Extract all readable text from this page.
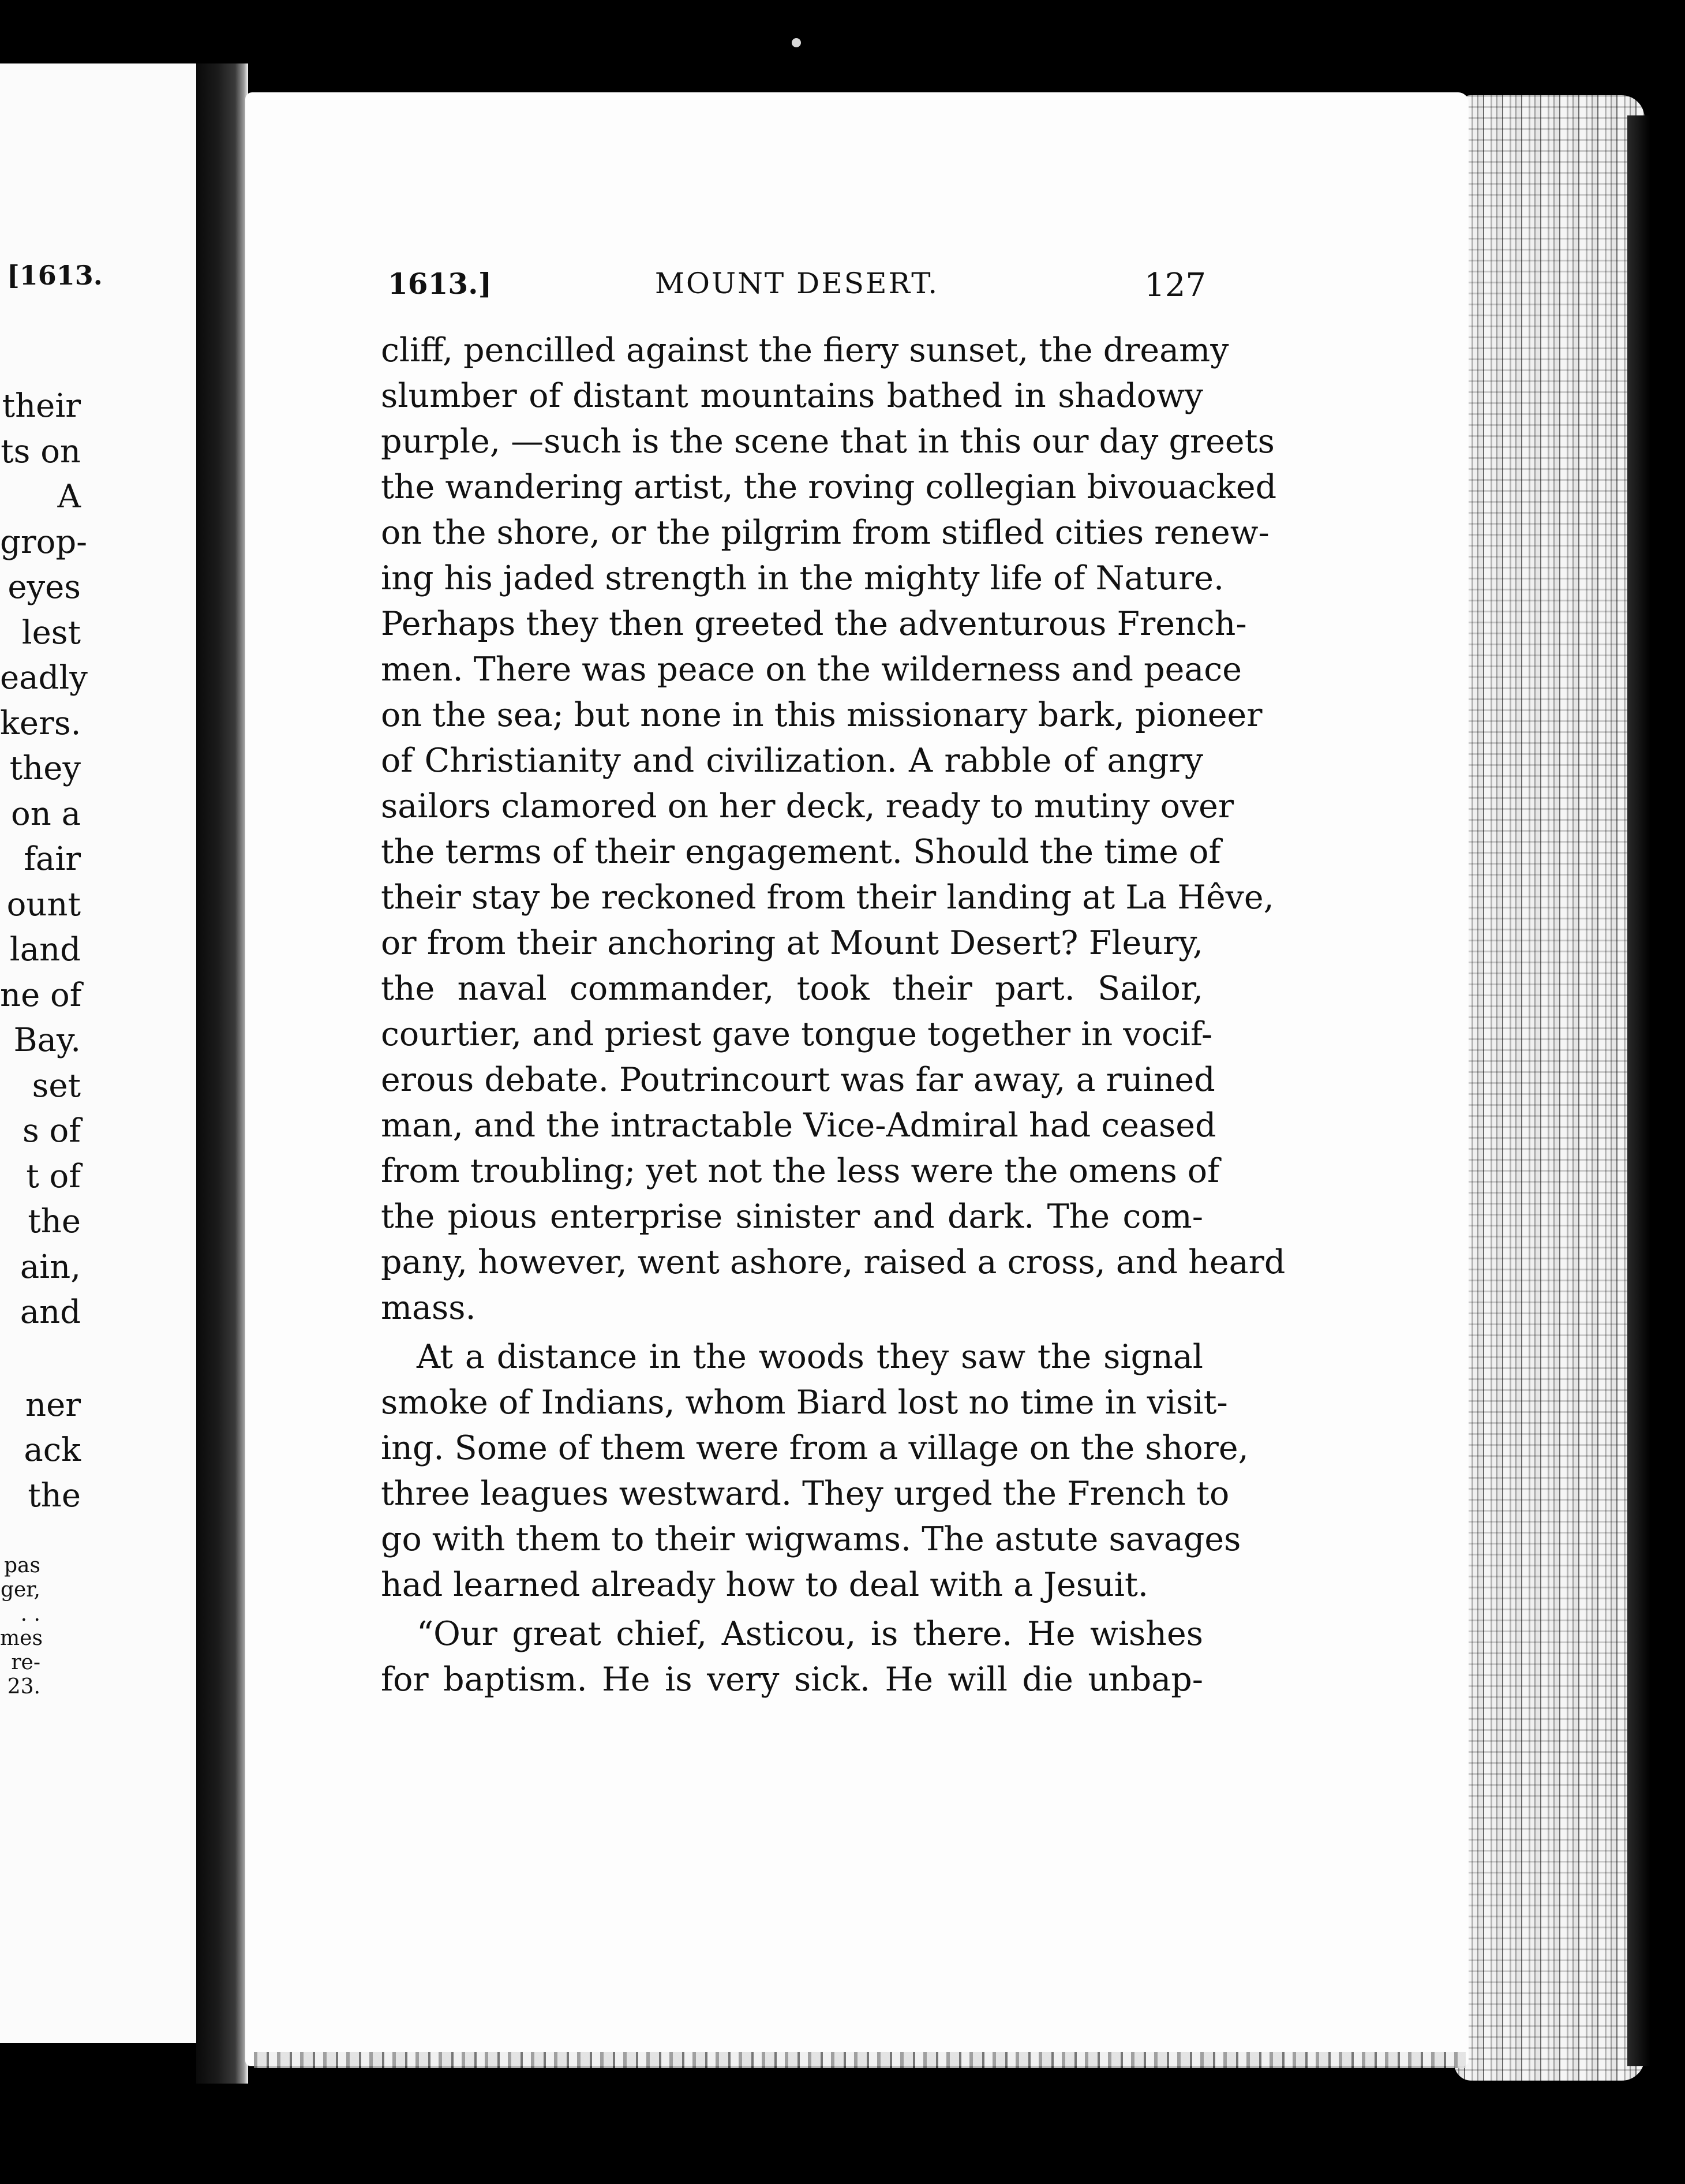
[1613.
their
ts on
A
grop-
eyes
lest
eadly
kers.
they
on a
fair
ount
land
ne of
Bay.
set
s of
t of
the
ain,
and
ner
ack
the
pas
ger,
. .
mes
re-
23.
1613.]	MOUNT DESERT.	127
cliff, pencilled against the fiery sunset, the dreamy
slumber of distant mountains bathed in shadowy
purple, —such is the scene that in this our day greets
the wandering artist, the roving collegian bivouacked
on the shore, or the pilgrim from stifled cities renew-
ing his jaded strength in the mighty life of Nature.
Perhaps they then greeted the adventurous French-
men. There was peace on the wilderness and peace
on the sea; but none in this missionary bark, pioneer
of Christianity and civilization. A rabble of angry
sailors clamored on her deck, ready to mutiny over
the terms of their engagement. Should the time of
their stay be reckoned from their landing at La Hêve,
or from their anchoring at Mount Desert? Fleury,
the naval commander, took their part. Sailor,
courtier, and priest gave tongue together in vocif-
erous debate. Poutrincourt was far away, a ruined
man, and the intractable Vice-Admiral had ceased
from troubling; yet not the less were the omens of
the pious enterprise sinister and dark. The com-
pany, however, went ashore, raised a cross, and heard
mass.
At a distance in the woods they saw the signal
smoke of Indians, whom Biard lost no time in visit-
ing. Some of them were from a village on the shore,
three leagues westward. They urged the French to
go with them to their wigwams. The astute savages
had learned already how to deal with a Jesuit.
“Our great chief, Asticou, is there. He wishes
for baptism. He is very sick. He will die unbap-
